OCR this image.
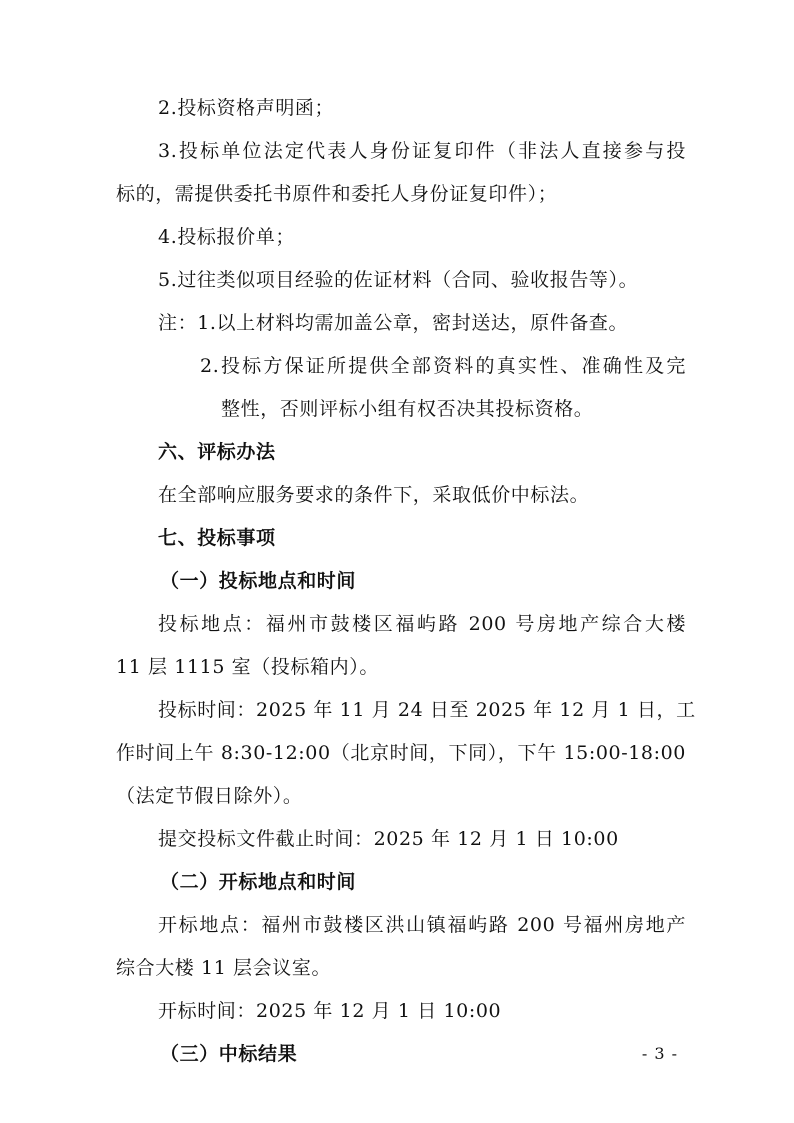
2.投标资格声明函；
3.投标单位法定代表人身份证复印件（非法人直接参与投
标的，需提供委托书原件和委托人身份证复印件）；
4.投标报价单；
5.过往类似项目经验的佐证材料（合同、验收报告等）。
注：1.以上材料均需加盖公章，密封送达，原件备查。
2.投标方保证所提供全部资料的真实性、准确性及完
整性，否则评标小组有权否决其投标资格。
六、评标办法
在全部响应服务要求的条件下，采取低价中标法。
七、投标事项
（一）投标地点和时间
投标地点：福州市鼓楼区福屿路 200 号房地产综合大楼
11 层 1115 室（投标箱内）。
投标时间：2025 年 11 月 24 日至 2025 年 12 月 1 日，工
作时间上午 8:30-12:00（北京时间，下同），下午 15:00-18:00
（法定节假日除外）。
提交投标文件截止时间：2025 年 12 月 1 日 10:00
（二）开标地点和时间
开标地点：福州市鼓楼区洪山镇福屿路 200 号福州房地产
综合大楼 11 层会议室。
开标时间：2025 年 12 月 1 日 10:00
（三）中标结果	- 3 -
